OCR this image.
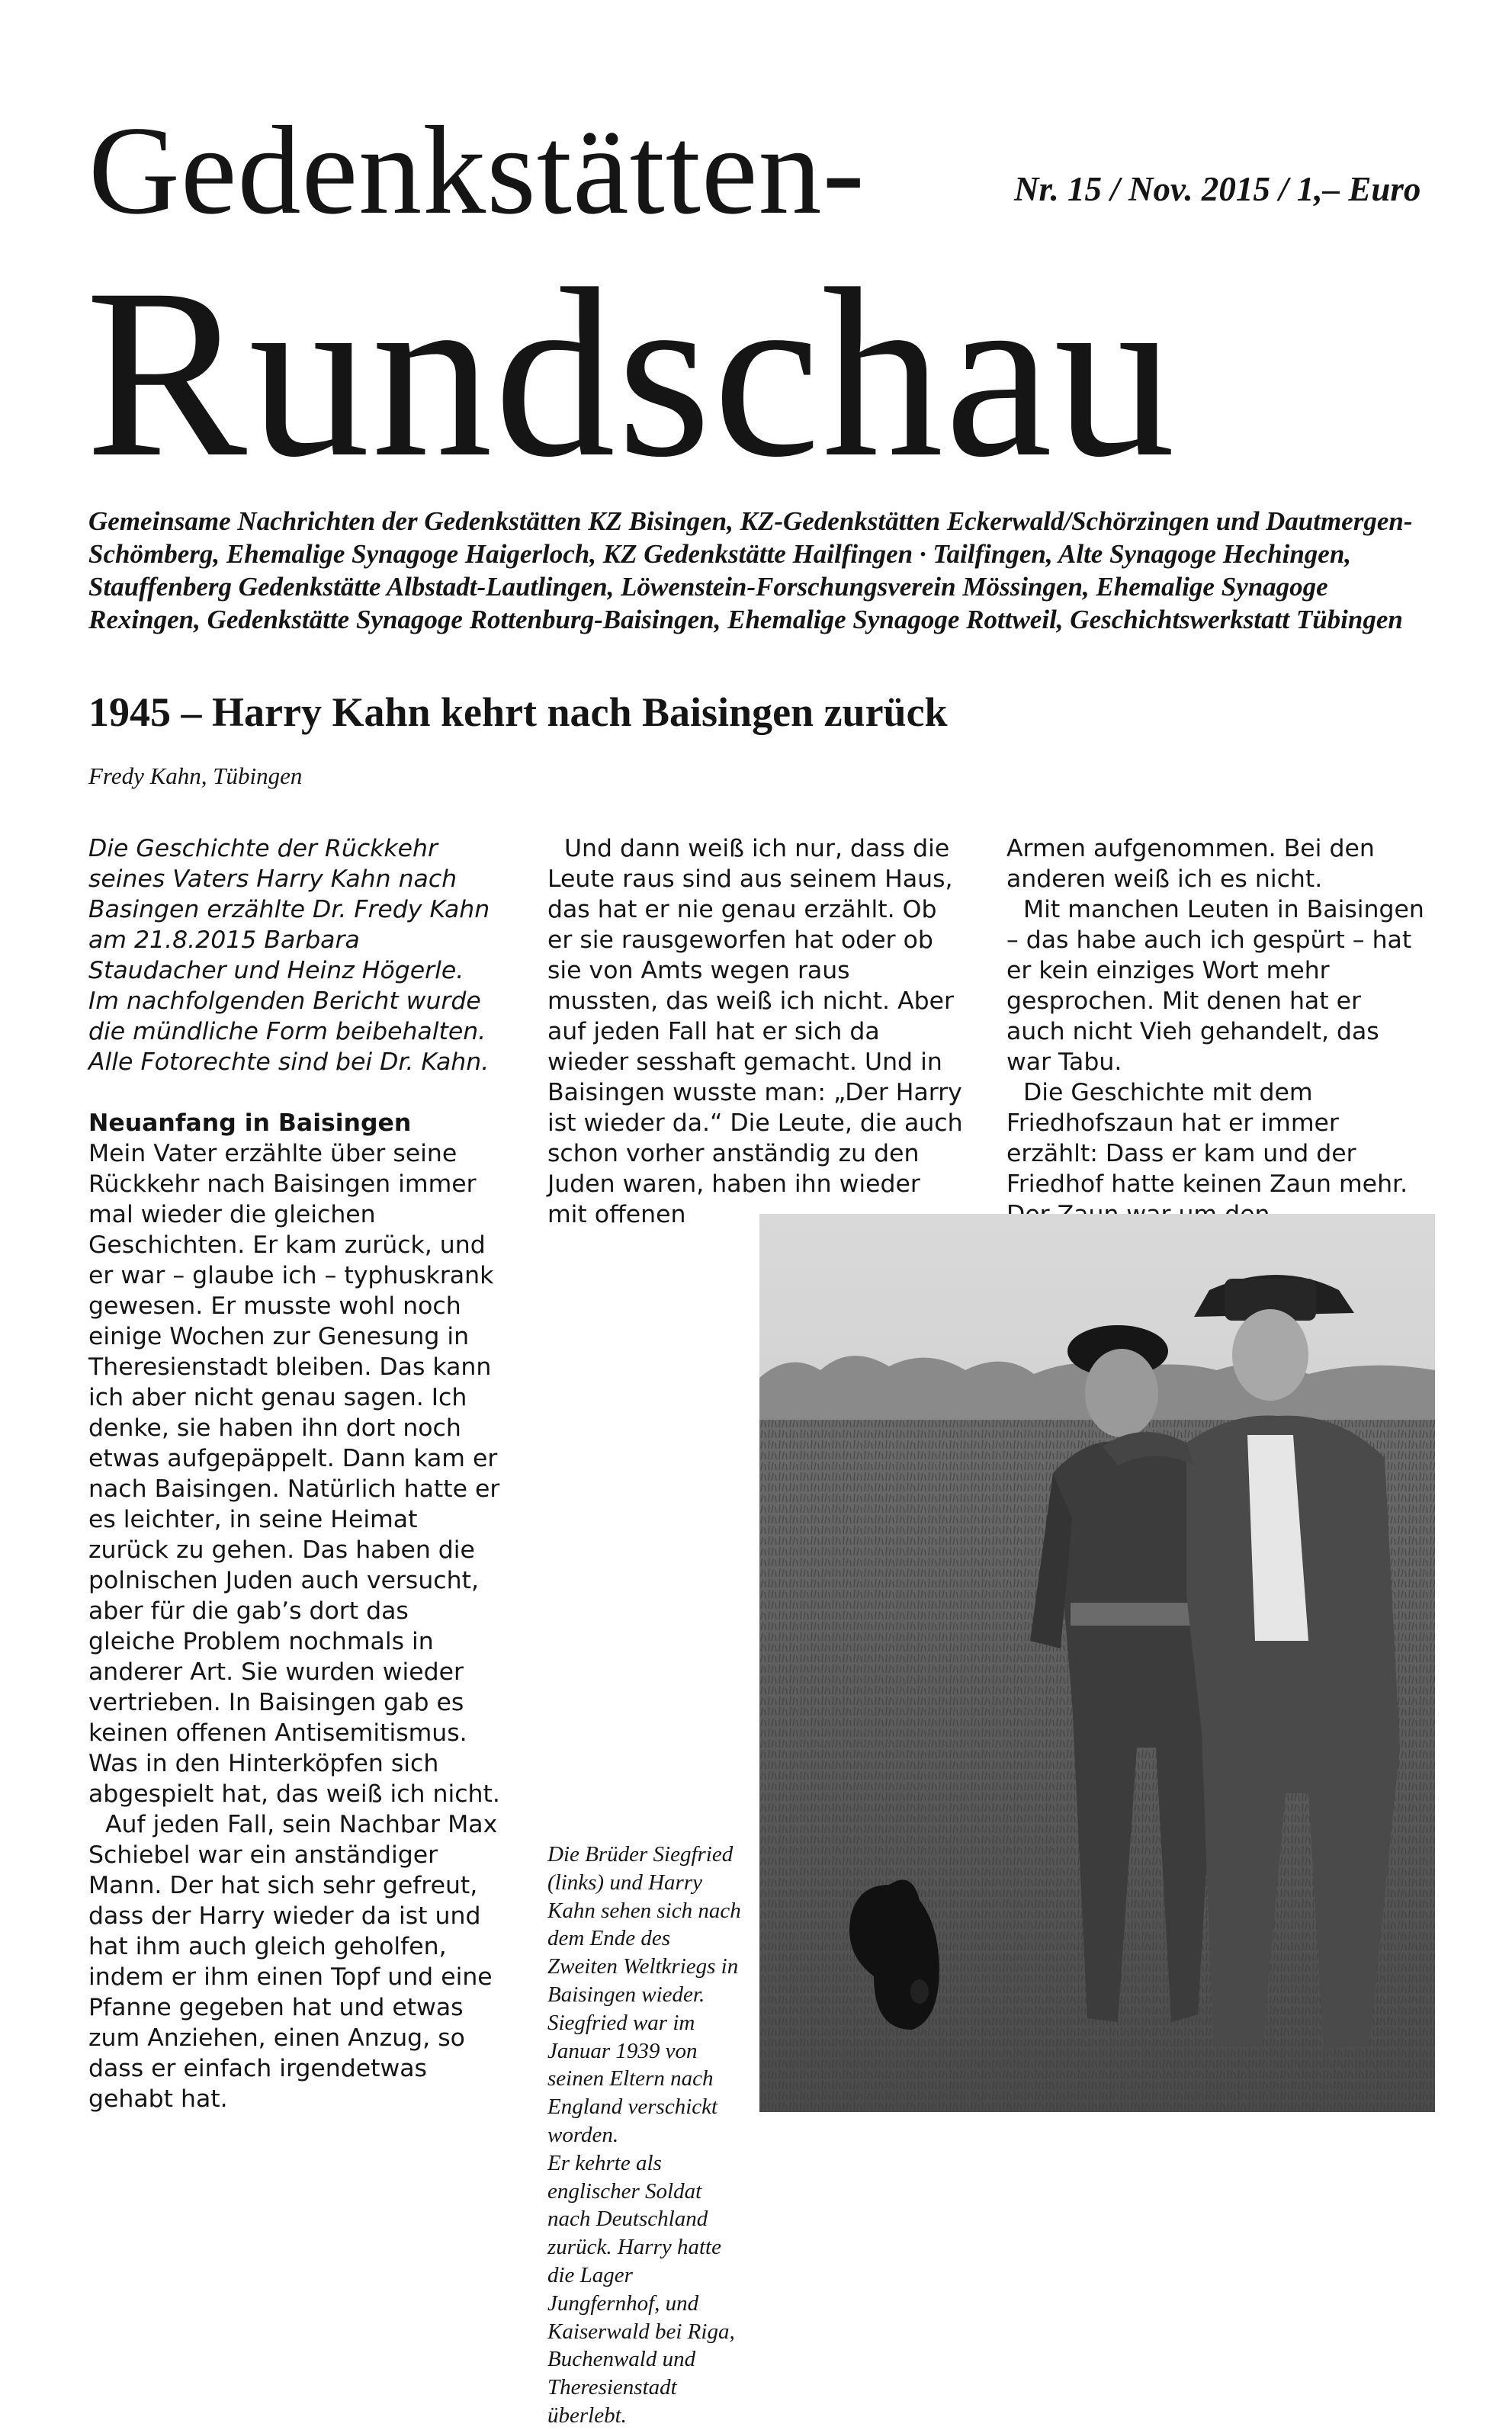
Gedenkstätten-	Nr. 15 / Nov. 2015 / 1,– Euro
Rundschau
Gemeinsame Nachrichten der Gedenkstätten KZ Bisingen, KZ-Gedenkstätten Eckerwald/Schörzingen und Dautmergen-Schömberg, Ehemalige Synagoge Haigerloch, KZ Gedenkstätte Hailfingen · Tailfingen, Alte Synagoge Hechingen, Stauffenberg Gedenkstätte Albstadt-Lautlingen, Löwenstein-Forschungsverein Mössingen, Ehemalige Synagoge Rexingen, Gedenkstätte Synagoge Rottenburg-Baisingen, Ehemalige Synagoge Rottweil, Geschichtswerkstatt Tübingen
1945 – Harry Kahn kehrt nach Baisingen zurück
Fredy Kahn, Tübingen

Die Geschichte der Rückkehr seines Vaters Harry Kahn nach Basingen erzählte Dr. Fredy Kahn am 21.8.2015 Barbara Staudacher und Heinz Högerle. Im nachfolgenden Bericht wurde die mündliche Form beibehalten. Alle Fotorechte sind bei Dr. Kahn.

Neuanfang in Baisingen

Mein Vater erzählte über seine Rückkehr nach Baisingen immer mal wieder die gleichen Geschichten. Er kam zurück, und er war – glaube ich – typhuskrank gewesen. Er musste wohl noch einige Wochen zur Genesung in Theresienstadt bleiben. Das kann ich aber nicht genau sagen. Ich denke, sie haben ihn dort noch etwas aufgepäppelt. Dann kam er nach Baisingen. Natürlich hatte er es leichter, in seine Heimat zurück zu gehen. Das haben die polnischen Juden auch versucht, aber für die gab’s dort das gleiche Problem nochmals in anderer Art. Sie wurden wieder vertrieben. In Baisingen gab es keinen offenen Antisemitismus. Was in den Hinterköpfen sich abgespielt hat, das weiß ich nicht.

Auf jeden Fall, sein Nachbar Max Schiebel war ein anständiger Mann. Der hat sich sehr gefreut, dass der Harry wieder da ist und hat ihm auch gleich geholfen, indem er ihm einen Topf und eine Pfanne gegeben hat und etwas zum Anziehen, einen Anzug, so dass er einfach irgendetwas gehabt hat.

Und dann weiß ich nur, dass die Leute raus sind aus seinem Haus, das hat er nie genau erzählt. Ob er sie rausgeworfen hat oder ob sie von Amts wegen raus mussten, das weiß ich nicht. Aber auf jeden Fall hat er sich da wieder sesshaft gemacht. Und in Baisingen wusste man: „Der Harry ist wieder da.“ Die Leute, die auch schon vorher anständig zu den Juden waren, haben ihn wieder mit offenen

Armen aufgenommen. Bei den anderen weiß ich es nicht.

Mit manchen Leuten in Baisingen – das habe auch ich gespürt – hat er kein einziges Wort mehr gesprochen. Mit denen hat er auch nicht Vieh gehandelt, das war Tabu.

Die Geschichte mit dem Friedhofszaun hat er immer erzählt: Dass er kam und der Friedhof hatte keinen Zaun mehr.

Die Brüder Siegfried (links) und Harry Kahn sehen sich nach dem Ende des Zweiten Weltkriegs in Baisingen wieder. Siegfried war im Januar 1939 von seinen Eltern nach England verschickt worden.

Er kehrte als englischer Soldat nach Deutschland zurück. Harry hatte die Lager Jungfernhof, und Kaiserwald bei Riga, Buchenwald und Theresienstadt überlebt.
